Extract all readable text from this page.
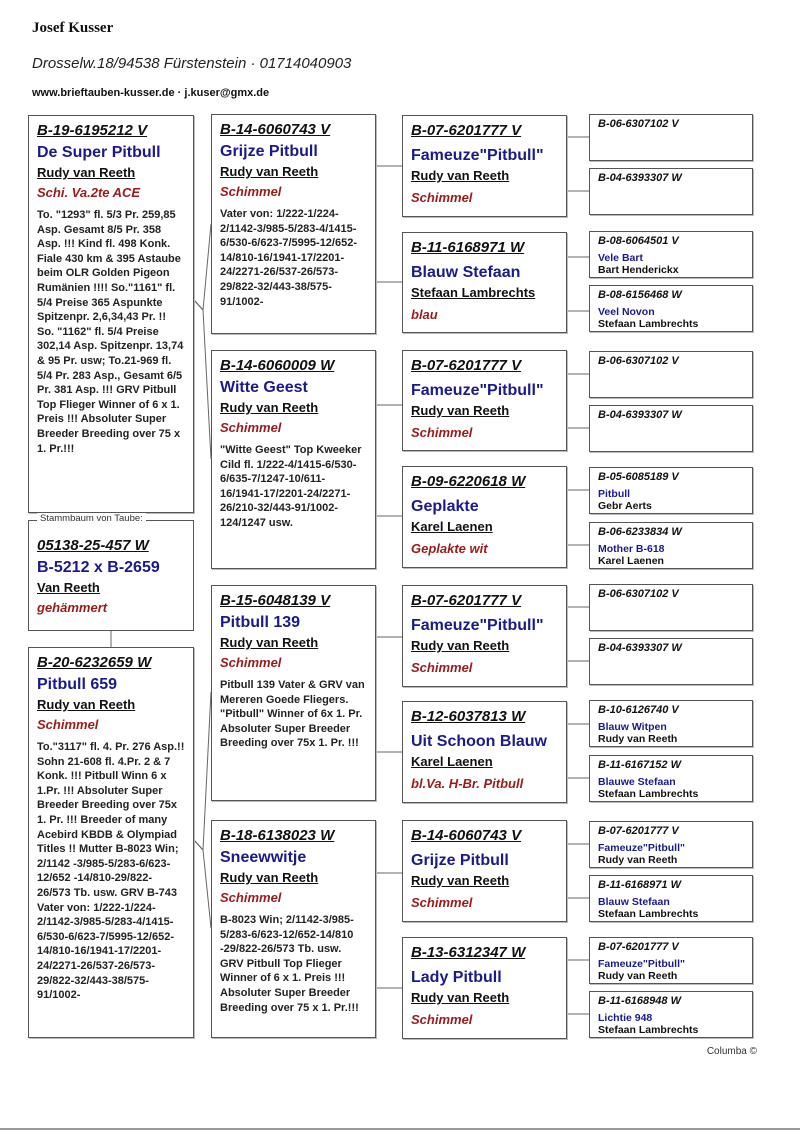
Josef Kusser
Drosselw.18/94538 Fürstenstein · 01714040903
www.brieftauben-kusser.de · j.kuser@gmx.de
B-19-6195212 V
De Super Pitbull
Rudy van Reeth
Schi. Va.2te ACE
To. "1293" fl. 5/3 Pr. 259,85 Asp. Gesamt 8/5 Pr. 358 Asp. !!! Kind fl. 498 Konk. Fiale 430 km & 395 Astaube beim OLR Golden Pigeon Rumänien !!!! So."1161" fl. 5/4 Preise 365 Aspunkte Spitzenpr. 2,6,34,43 Pr. !! So. "1162" fl. 5/4 Preise 302,14 Asp. Spitzenpr. 13,74 & 95 Pr. usw; To.21-969 fl. 5/4 Pr. 283 Asp., Gesamt 6/5 Pr. 381 Asp. !!! GRV Pitbull Top Flieger Winner of 6 x 1. Preis !!! Absoluter Super Breeder Breeding over 75 x 1. Pr.!!!
Stammbaum von Taube:
05138-25-457 W
B-5212 x B-2659
Van Reeth
gehämmert
B-20-6232659 W
Pitbull 659
Rudy van Reeth
Schimmel
To."3117" fl. 4. Pr. 276 Asp.!! Sohn 21-608 fl. 4.Pr. 2 & 7 Konk. !!! Pitbull Winn 6 x 1.Pr. !!! Absoluter Super Breeder Breeding over 75x 1. Pr. !!! Breeder of many Acebird KBDB & Olympiad Titles !! Mutter B-8023 Win; 2/1142 -3/985-5/283-6/623-12/652 -14/810-29/822-26/573 Tb. usw. GRV B-743 Vater von: 1/222-1/224-2/1142-3/985-5/283-4/1415-6/530-6/623-7/5995-12/652-14/810-16/1941-17/2201-24/2271-26/537-26/573-29/822-32/443-38/575-91/1002-
B-14-6060743 V
Grijze Pitbull
Rudy van Reeth
Schimmel
Vater von: 1/222-1/224-2/1142-3/985-5/283-4/1415-6/530-6/623-7/5995-12/652-14/810-16/1941-17/2201-24/2271-26/537-26/573-29/822-32/443-38/575-91/1002-
B-14-6060009 W
Witte Geest
Rudy van Reeth
Schimmel
"Witte Geest" Top Kweeker Cild fl. 1/222-4/1415-6/530-6/635-7/1247-10/611-16/1941-17/2201-24/2271-26/210-32/443-91/1002-124/1247 usw.
B-15-6048139 V
Pitbull 139
Rudy van Reeth
Schimmel
Pitbull 139 Vater & GRV van Mereren Goede Fliegers. "Pitbull" Winner of 6x 1. Pr. Absoluter Super Breeder Breeding over 75x 1. Pr. !!!
B-18-6138023 W
Sneewwitje
Rudy van Reeth
Schimmel
B-8023 Win; 2/1142-3/985-5/283-6/623-12/652-14/810 -29/822-26/573 Tb. usw. GRV Pitbull Top Flieger Winner of 6 x 1. Preis !!! Absoluter Super Breeder Breeding over 75 x 1. Pr.!!!
B-07-6201777 V
Fameuze"Pitbull"
Rudy van Reeth
Schimmel
B-11-6168971 W
Blauw Stefaan
Stefaan Lambrechts
blau
B-07-6201777 V
Fameuze"Pitbull"
Rudy van Reeth
Schimmel
B-09-6220618 W
Geplakte
Karel Laenen
Geplakte wit
B-07-6201777 V
Fameuze"Pitbull"
Rudy van Reeth
Schimmel
B-12-6037813 W
Uit Schoon Blauw
Karel Laenen
bl.Va. H-Br. Pitbull
B-14-6060743 V
Grijze Pitbull
Rudy van Reeth
Schimmel
B-13-6312347 W
Lady Pitbull
Rudy van Reeth
Schimmel
B-06-6307102 V
B-04-6393307 W
B-08-6064501 V
Vele Bart
Bart Henderickx
B-08-6156468 W
Veel Novon
Stefaan Lambrechts
B-06-6307102 V
B-04-6393307 W
B-05-6085189 V
Pitbull
Gebr Aerts
B-06-6233834 W
Mother B-618
Karel Laenen
B-06-6307102 V
B-04-6393307 W
B-10-6126740 V
Blauw Witpen
Rudy van Reeth
B-11-6167152 W
Blauwe Stefaan
Stefaan Lambrechts
B-07-6201777 V
Fameuze"Pitbull"
Rudy van Reeth
B-11-6168971 W
Blauw Stefaan
Stefaan Lambrechts
B-07-6201777 V
Fameuze"Pitbull"
Rudy van Reeth
B-11-6168948 W
Lichtie 948
Stefaan Lambrechts
Columba ©
